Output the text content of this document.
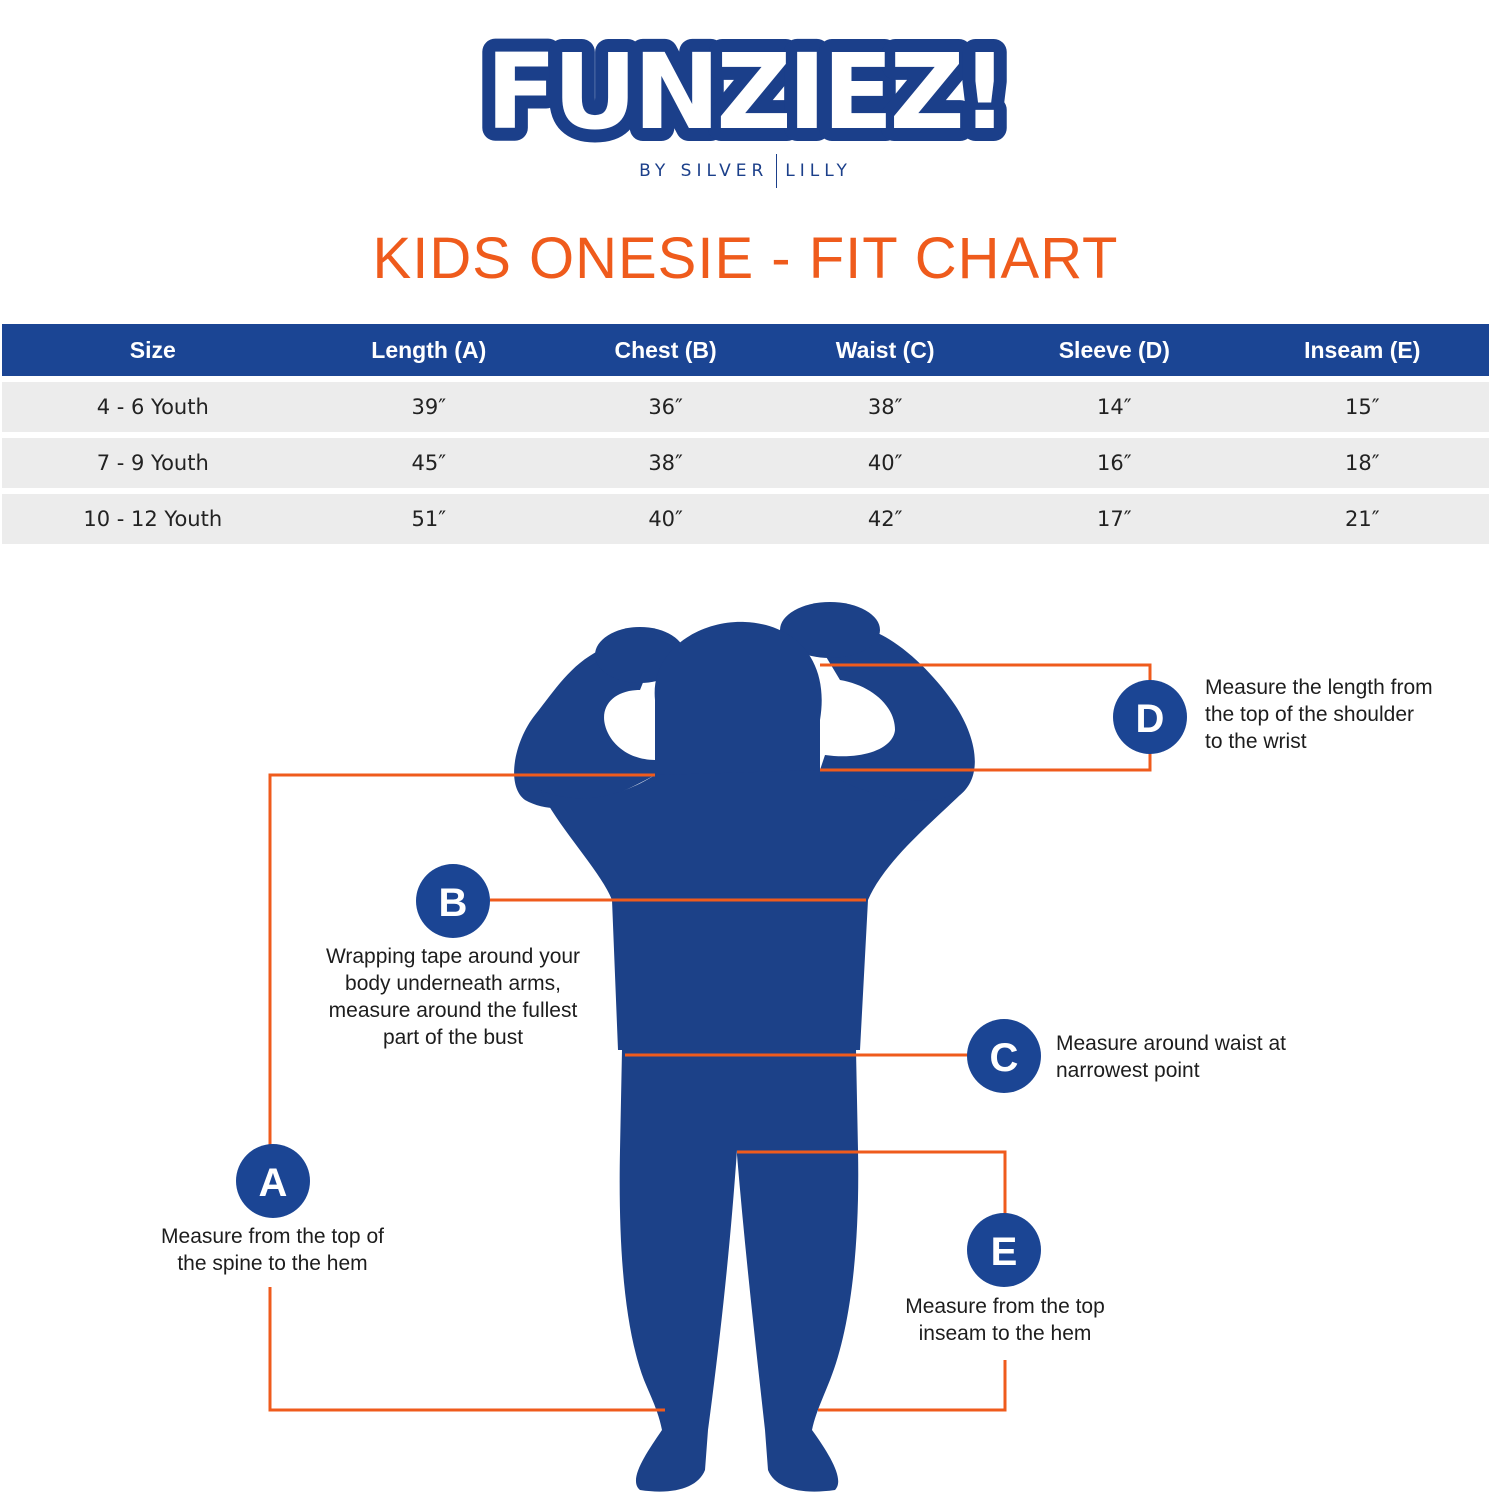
FUNZIEZ!
BY SILVER LILLY
KIDS ONESIE - FIT CHART
Size	Length (A)	Chest (B)	Waist (C)	Sleeve (D)	Inseam (E)
4 - 6 Youth	39″	36″	38″	14″	15″
7 - 9 Youth	45″	38″	40″	16″	18″
10 - 12 Youth	51″	40″	42″	17″	21″
A
B
C
D
E
Measure from the top of
the spine to the hem
Wrapping tape around your
body underneath arms,
measure around the fullest
part of the bust	Measure around waist at
narrowest point
Measure the length from
the top of the shoulder
to the wrist
Measure from the top
inseam to the hem
